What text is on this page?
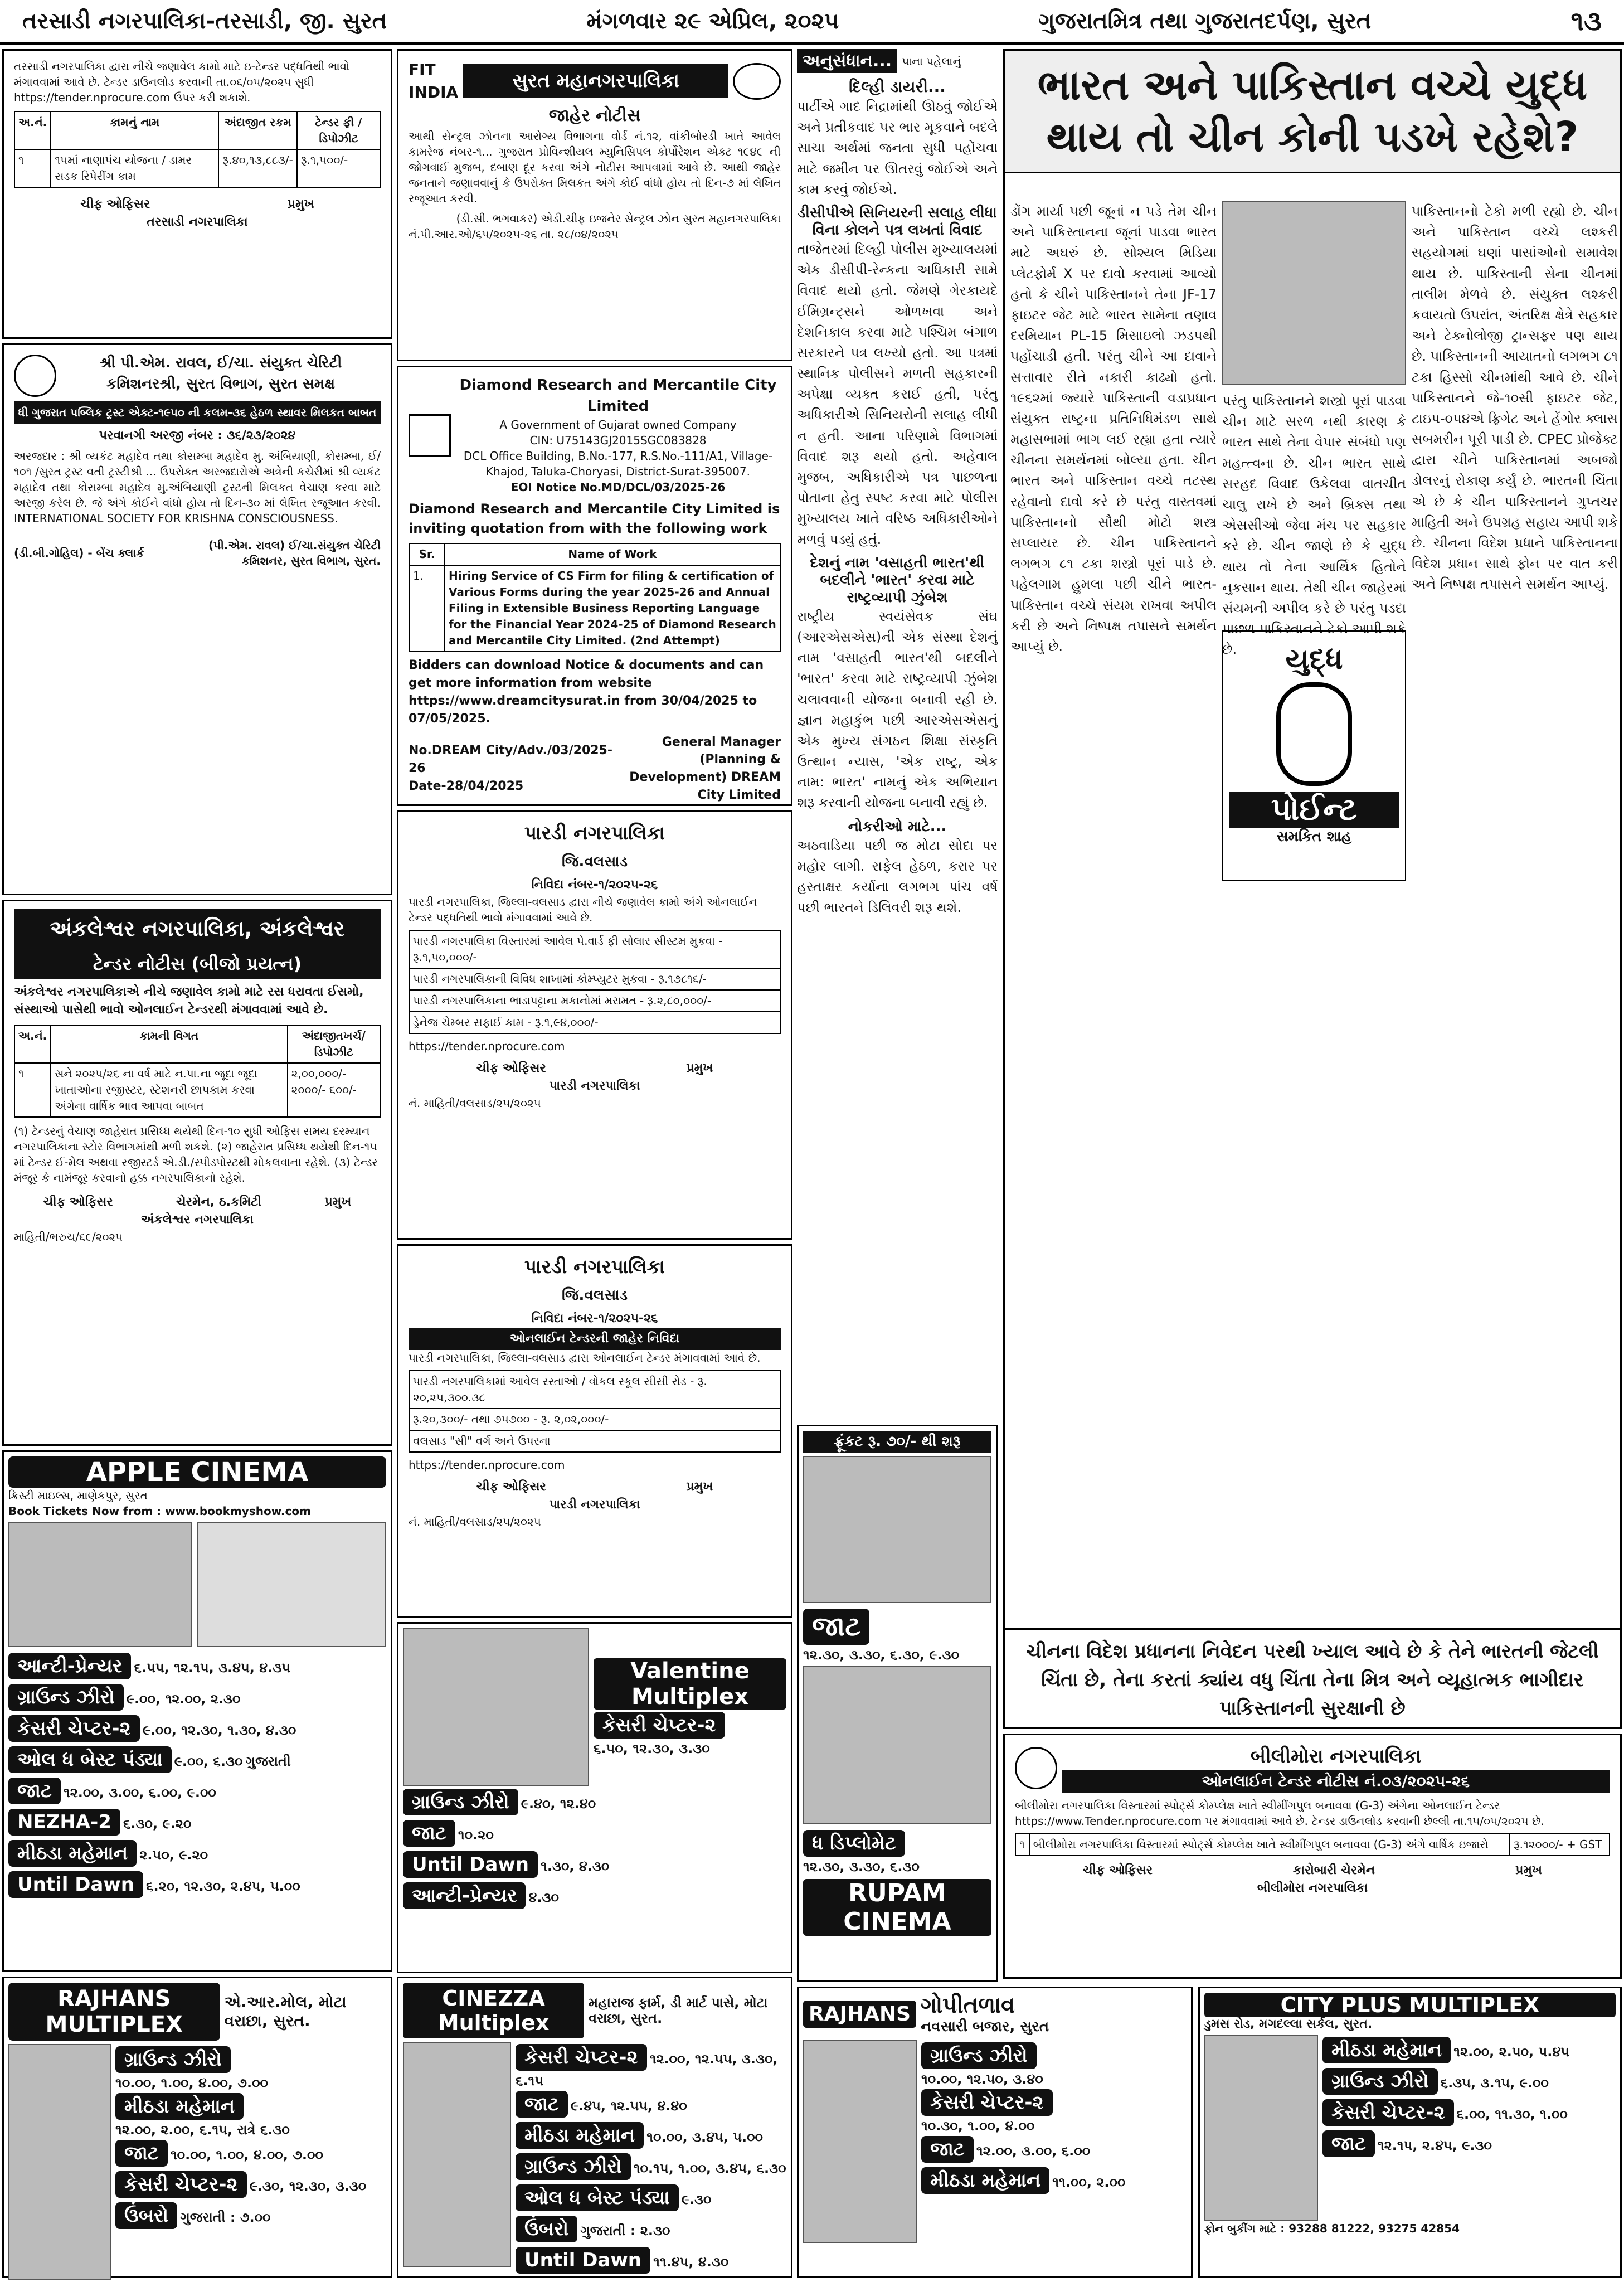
તરસાડી નગરપાલિકા-તરસાડી, જી. સુરત	મંગળવાર ૨૯ એપ્રિલ, ૨૦૨૫	ગુજરાતમિત્ર તથા ગુજરાતદર્પણ, સુરત	૧૩
તરસાડી નગરપાલિકા દ્વારા નીચે જણાવેલ કામો માટે ઇ-ટેન્ડર પદ્ધતિથી ભાવો મંગાવવામાં આવે છે. ટેન્ડર ડાઉનલોડ કરવાની તા.૦૬/૦૫/૨૦૨૫ સુધી https://tender.nprocure.com ઉપર કરી શકાશે.
અ.નં.	કામનું નામ	અંદાજીત રકમ	ટેન્ડર ફી / ડિપોઝીટ
૧	૧૫માં નાણાપંચ યોજના / ડામર સડક રિપેરીંગ કામ	રૂ.૪૦,૧૩,૮૮૩/-	રૂ.૧,૫૦૦/-
ચીફ ઓફિસર	પ્રમુખ
તરસાડી નગરપાલિકા
શ્રી પી.એમ. રાવલ, ઈ/ચા. સંયુક્ત ચેરિટી કમિશનરશ્રી, સુરત વિભાગ, સુરત સમક્ષ
ધી ગુજરાત પબ્લિક ટ્રસ્ટ એક્ટ-૧૯૫૦ ની કલમ-૩૬ હેઠળ સ્થાવર મિલકત બાબત
પરવાનગી અરજી નંબર : ૩૬/૨૩/૨૦૨૪
અરજદાર : શ્રી વ્યકંટ મહાદેવ તથા કોસમ્બા મહાદેવ મુ. અંબિયાણી, કોસમ્બા, ઈ/૧૦૧ /સુરત ટ્રસ્ટ વતી ટ્રસ્ટીશ્રી ... ઉપરોક્ત અરજદારોએ અત્રેની કચેરીમાં શ્રી વ્યકંટ મહાદેવ તથા કોસમ્બા મહાદેવ મુ.અંબિયાણી ટ્રસ્ટની મિલકત વેચાણ કરવા માટે અરજી કરેલ છે. જે અંગે કોઈને વાંધો હોય તો દિન-૩૦ માં લેખિત રજૂઆત કરવી. INTERNATIONAL SOCIETY FOR KRISHNA CONSCIOUSNESS.
(ડી.બી.ગોહિલ) - બેંચ ક્લાર્ક
(પી.એમ. રાવલ) ઈ/ચા.સંયુક્ત ચેરિટી કમિશનર, સુરત વિભાગ, સુરત.
અંકલેશ્વર નગરપાલિકા, અંકલેશ્વર
ટેન્ડર નોટીસ (બીજો પ્રયત્ન)
અંકલેશ્વર નગરપાલિકાએ નીચે જણાવેલ કામો માટે રસ ધરાવતા ઈસમો, સંસ્થાઓ પાસેથી ભાવો ઓનલાઈન ટેન્ડરથી મંગાવવામાં આવે છે.
અ.નં.	કામની વિગત	અંદાજીતખર્ચ/ ડિપોઝીટ
૧	સને ૨૦૨૫/૨૬ ના વર્ષ માટે ન.પા.ના જૂદા જૂદા ખાતાઓના રજીસ્ટર, સ્ટેશનરી છાપકામ કરવા અંગેના વાર્ષિક ભાવ આપવા બાબત	૨,૦૦,૦૦૦/- ૨૦૦૦/- ૬૦૦/-
(૧) ટેન્ડરનું વેચાણ જાહેરાત પ્રસિધ્ધ થયેથી દિન-૧૦ સુધી ઓફિસ સમય દરમ્યાન નગરપાલિકાના સ્ટોર વિભાગમાંથી મળી શકશે. (૨) જાહેરાત પ્રસિધ્ધ થયેથી દિન-૧૫ માં ટેન્ડર ઈ-મેલ અથવા રજીસ્ટર્ડ એ.ડી./સ્પીડપોસ્ટથી મોકલવાના રહેશે. (૩) ટેન્ડર મંજૂર કે નામંજૂર કરવાનો હક્ક નગરપાલિકાનો રહેશે.
ચીફ ઓફિસર	ચેરમેન, ઠ.કમિટી	પ્રમુખ
અંકલેશ્વર નગરપાલિકા
માહિતી/ભરુચ/૬૯/૨૦૨૫
APPLE CINEMA
ક્રિસ્ટી માઇલ્સ, માણેકપુર, સુરત
Book Tickets Now from : www.bookmyshow.com
આન્ટી-પ્રેન્યર ૬.૫૫, ૧૨.૧૫, ૩.૪૫, ૪.૩૫
ગ્રાઉન્ડ ઝીરો ૯.૦૦, ૧૨.૦૦, ૨.૩૦
કેસરી ચેપ્ટર-૨ ૯.૦૦, ૧૨.૩૦, ૧.૩૦, ૪.૩૦
ઓલ ધ બેસ્ટ પંડ્યા ૯.૦૦, ૬.૩૦ ગુજરાતી
જાટ ૧૨.૦૦, ૩.૦૦, ૬.૦૦, ૯.૦૦
NEZHA-2 ૬.૩૦, ૯.૨૦
મીઠડા મહેમાન ૨.૫૦, ૯.૨૦
Until Dawn ૬.૨૦, ૧૨.૩૦, ૨.૪૫, ૫.૦૦
RAJHANS MULTIPLEX
એ.આર.મોલ, મોટા વરાછા, સુરત.
ગ્રાઉન્ડ ઝીરો
૧૦.૦૦, ૧.૦૦, ૪.૦૦, ૭.૦૦
મીઠડા મહેમાન
૧૨.૦૦, ૨.૦૦, ૬.૧૫, રાત્રે ૬.૩૦
જાટ ૧૦.૦૦, ૧.૦૦, ૪.૦૦, ૭.૦૦
કેસરી ચેપ્ટર-૨ ૯.૩૦, ૧૨.૩૦, ૩.૩૦
ઉંબરો ગુજરાતી : ૭.૦૦
FIT INDIA
સુરત મહાનગરપાલિકા
જાહેર નોટીસ
આથી સેન્ટ્રલ ઝોનના આરોગ્ય વિભાગના વોર્ડ નં.૧૨, વાંકીબોરડી ખાતે આવેલ કામરેજ નંબર-૧... ગુજરાત પ્રોવિન્શીયલ મ્યુનિસિપલ કોર્પોરેશન એક્ટ ૧૯૪૯ ની જોગવાઈ મુજબ, દબાણ દૂર કરવા અંગે નોટીસ આપવામાં આવે છે. આથી જાહેર જનતાને જણાવવાનું કે ઉપરોક્ત મિલકત અંગે કોઈ વાંધો હોય તો દિન-૭ માં લેખિત રજૂઆત કરવી.
(ડી.સી. ભગવાકર) એડી.ચીફ ઇજનેર સેન્ટ્રલ ઝોન સુરત મહાનગરપાલિકા
નં.પી.આર.ઓ/૬૫/૨૦૨૫-૨૬ તા. ૨૮/૦૪/૨૦૨૫
Diamond Research and Mercantile City Limited
A Government of Gujarat owned Company
CIN: U75143GJ2015SGC083828
DCL Office Building, B.No.-177, R.S.No.-111/A1, Village-Khajod, Taluka-Choryasi, District-Surat-395007.
EOI Notice No.MD/DCL/03/2025-26
Diamond Research and Mercantile City Limited is inviting quotation from with the following work
Sr.	Name of Work
1.	Hiring Service of CS Firm for filing & certification of Various Forms during the year 2025-26 and Annual Filing in Extensible Business Reporting Language for the Financial Year 2024-25 of Diamond Research and Mercantile City Limited. (2nd Attempt)
Bidders can download Notice & documents and can get more information from website https://www.dreamcitysurat.in from 30/04/2025 to 07/05/2025.
No.DREAM City/Adv./03/2025-26
Date-28/04/2025
General Manager (Planning & Development) DREAM City Limited
પારડી નગરપાલિકા
જિ.વલસાડ
નિવિદા નંબર-૧/૨૦૨૫-૨૬
પારડી નગરપાલિકા, જિલ્લા-વલસાડ દ્વારા નીચે જણાવેલ કામો અંગે ઓનલાઈન ટેન્ડર પદ્ધતિથી ભાવો મંગાવવામાં આવે છે.
પારડી નગરપાલિકા વિસ્તારમાં આવેલ પે.વાર્ડ ફી સોલાર સીસ્ટમ મુકવા - રૂ.૧,૫૦,૦૦૦/-
પારડી નગરપાલિકાની વિવિધ શાખામાં કોમ્પ્યુટર મુકવા - રૂ.૧૭૮૧૬/-
પારડી નગરપાલિકાના ભાડાપટ્ટાના મકાનોમાં મરામત - રૂ.૨,૮૦,૦૦૦/-
ડ્રેનેજ ચેમ્બર સફાઈ કામ - રૂ.૧,૯૪,૦૦૦/-
https://tender.nprocure.com
ચીફ ઓફિસર	પ્રમુખ
પારડી નગરપાલિકા
નં. માહિતી/વલસાડ/૨૫/૨૦૨૫
પારડી નગરપાલિકા
જિ.વલસાડ
નિવિદા નંબર-૧/૨૦૨૫-૨૬
ઓનલાઈન ટેન્ડરની જાહેર નિવિદા
પારડી નગરપાલિકા, જિલ્લા-વલસાડ દ્વારા ઓનલાઈન ટેન્ડર મંગાવવામાં આવે છે.
પારડી નગરપાલિકામાં આવેલ રસ્તાઓ / વોકલ સ્કૂલ સીસી રોડ - રૂ. ૨૦,૨૫,૩૦૦.૩૮
રૂ.૨૦,૩૦૦/- તથા ૭૫૭૦૦ - રૂ. ૨,૦૨,૦૦૦/-
વલસાડ "સી" વર્ગ અને ઉપરના
https://tender.nprocure.com
ચીફ ઓફિસર	પ્રમુખ
પારડી નગરપાલિકા
નં. માહિતી/વલસાડ/૨૫/૨૦૨૫
Valentine Multiplex
કેસરી ચેપ્ટર-૨
૬.૫૦, ૧૨.૩૦, ૩.૩૦
ગ્રાઉન્ડ ઝીરો ૯.૪૦, ૧૨.૪૦
જાટ ૧૦.૨૦
Until Dawn ૧.૩૦, ૪.૩૦
આન્ટી-પ્રેન્યર ૪.૩૦
CINEZZA Multiplex
મહારાજ ફાર્મ, ડી માર્ટ પાસે, મોટા વરાછા, સુરત.
કેસરી ચેપ્ટર-૨ ૧૨.૦૦, ૧૨.૫૫, ૩.૩૦, ૬.૧૫
જાટ ૯.૪૫, ૧૨.૫૫, ૪.૪૦
મીઠડા મહેમાન ૧૦.૦૦, ૩.૪૫, ૫.૦૦
ગ્રાઉન્ડ ઝીરો ૧૦.૧૫, ૧.૦૦, ૩.૪૫, ૬.૩૦
ઓલ ધ બેસ્ટ પંડ્યા ૯.૩૦
ઉંબરો ગુજરાતી : ૨.૩૦
Until Dawn ૧૧.૪૫, ૪.૩૦
અનુસંધાન... પાના પહેલાનું
દિલ્હી ડાયરી...
પાર્ટીએ ગાદ નિદ્રામાંથી ઊઠવું જોઈએ અને પ્રતીકવાદ પર ભાર મૂકવાને બદલે સાચા અર્થમાં જનતા સુધી પહોંચવા માટે જમીન પર ઊતરવું જોઈએ અને કામ કરવું જોઈએ.
ડીસીપીએ સિનિયરની સલાહ લીધા વિના કોલને પત્ર લખતાં વિવાદ
તાજેતરમાં દિલ્હી પોલીસ મુખ્યાલયમાં એક ડીસીપી-રેન્કના અધિકારી સામે વિવાદ થયો હતો. જેમણે ગેરકાયદે ઈમિગ્રન્ટ્સને ઓળખવા અને દેશનિકાલ કરવા માટે પશ્ચિમ બંગાળ સરકારને પત્ર લખ્યો હતો. આ પત્રમાં સ્થાનિક પોલીસને મળતી સહકારની અપેક્ષા વ્યક્ત કરાઈ હતી, પરંતુ અધિકારીએ સિનિયરોની સલાહ લીધી ન હતી. આના પરિણામે વિભાગમાં વિવાદ શરૂ થયો હતો. અહેવાલ મુજબ, અધિકારીએ પત્ર પાછળના પોતાના હેતુ સ્પષ્ટ કરવા માટે પોલીસ મુખ્યાલય ખાતે વરિષ્ઠ અધિકારીઓને મળવું પડ્યું હતું.
દેશનું નામ 'વસાહતી ભારત'થી બદલીને 'ભારત' કરવા માટે રાષ્ટ્રવ્યાપી ઝુંબેશ
રાષ્ટ્રીય સ્વયંસેવક સંઘ (આરએસએસ)ની એક સંસ્થા દેશનું નામ 'વસાહતી ભારત'થી બદલીને 'ભારત' કરવા માટે રાષ્ટ્રવ્યાપી ઝુંબેશ ચલાવવાની યોજના બનાવી રહી છે. જ્ઞાન મહાકુંભ પછી આરએસએસનું એક મુખ્ય સંગઠન શિક્ષા સંસ્કૃતિ ઉત્થાન ન્યાસ, 'એક રાષ્ટ્ર, એક નામ: ભારત' નામનું એક અભિયાન શરૂ કરવાની યોજના બનાવી રહ્યું છે.
નોકરીઓ માટે...
અઠવાડિયા પછી જ મોટા સોદા પર મહોર લાગી. રાફેલ હેઠળ, કરાર પર હસ્તાક્ષર કર્યાના લગભગ પાંચ વર્ષ પછી ભારતને ડિલિવરી શરૂ થશે.
ફ્રૂંકટ રૂ. ૭૦/- થી શરૂ
જાટ
૧૨.૩૦, ૩.૩૦, ૬.૩૦, ૯.૩૦
ધ ડિપ્લોમેટ
૧૨.૩૦, ૩.૩૦, ૬.૩૦
RUPAM CINEMA
RAJHANS ગોપીતળાવ
નવસારી બજાર, સુરત
ગ્રાઉન્ડ ઝીરો
૧૦.૦૦, ૧૨.૫૦, ૩.૪૦
કેસરી ચેપ્ટર-૨
૧૦.૩૦, ૧.૦૦, ૪.૦૦
જાટ ૧૨.૦૦, ૩.૦૦, ૬.૦૦
મીઠડા મહેમાન ૧૧.૦૦, ૨.૦૦
ભારત અને પાકિસ્તાન વચ્ચે યુદ્ધ થાય તો ચીન કોની પડખે રહેશે?
ડોંગ માર્યા પછી જૂનાં ન પડે તેમ ચીન અને પાકિસ્તાનના જૂનાં પાડવા ભારત માટે અઘરું છે. સોશ્યલ મિડિયા પ્લેટફોર્મ X પર દાવો કરવામાં આવ્યો હતો કે ચીને પાકિસ્તાનને તેના JF-17 ફાઇટર જેટ માટે ભારત સામેના તણાવ દરમિયાન PL-15 મિસાઇલો ઝડપથી પહોંચાડી હતી. પરંતુ ચીને આ દાવાને સત્તાવાર રીતે નકારી કાઢ્યો હતો. ૧૯૬૨માં જ્યારે પાકિસ્તાની વડાપ્રધાન સંયુક્ત રાષ્ટ્રના પ્રતિનિધિમંડળ સાથે મહાસભામાં ભાગ લઈ રહ્યા હતા ત્યારે ચીનના સમર્થનમાં બોલ્યા હતા. ચીન ભારત અને પાકિસ્તાન વચ્ચે તટસ્થ રહેવાનો દાવો કરે છે પરંતુ વાસ્તવમાં પાકિસ્તાનનો સૌથી મોટો શસ્ત્ર સપ્લાયર છે. ચીન પાકિસ્તાનને લગભગ ૮૧ ટકા શસ્ત્રો પૂરાં પાડે છે. પહેલગામ હુમલા પછી ચીને ભારત-પાકિસ્તાન વચ્ચે સંયમ રાખવા અપીલ કરી છે અને નિષ્પક્ષ તપાસને સમર્થન આપ્યું છે.
પરંતુ પાકિસ્તાનને શસ્ત્રો પૂરાં પાડવા ચીન માટે સરળ નથી કારણ કે ભારત સાથે તેના વેપાર સંબંધો પણ મહત્ત્વના છે. ચીન ભારત સાથે સરહદ વિવાદ ઉકેલવા વાતચીત ચાલુ રાખે છે અને બ્રિક્સ તથા એસસીઓ જેવા મંચ પર સહકાર કરે છે. ચીન જાણે છે કે યુદ્ધ થાય તો તેના આર્થિક હિતોને નુકસાન થાય. તેથી ચીન જાહેરમાં સંયમની અપીલ કરે છે પરંતુ પડદા પાછળ પાકિસ્તાનને ટેકો આપી શકે છે.	યુદ્ધ
પોઈન્ટ
સમકિત શાહ
પાકિસ્તાનનો ટેકો મળી રહ્યો છે. ચીન અને પાકિસ્તાન વચ્ચે લશ્કરી સહયોગમાં ઘણાં પાસાંઓનો સમાવેશ થાય છે. પાકિસ્તાની સેના ચીનમાં તાલીમ મેળવે છે. સંયુક્ત લશ્કરી કવાયતો ઉપરાંત, અંતરિક્ષ ક્ષેત્રે સહકાર અને ટેક્નોલોજી ટ્રાન્સફર પણ થાય છે. પાકિસ્તાનની આયાતનો લગભગ ૮૧ ટકા હિસ્સો ચીનમાંથી આવે છે. ચીને પાકિસ્તાનને જે-૧૦સી ફાઇટર જેટ, ટાઇપ-૦૫૪એ ફ્રિગેટ અને હેંગોર ક્લાસ સબમરીન પૂરી પાડી છે. CPEC પ્રોજેક્ટ દ્વારા ચીને પાકિસ્તાનમાં અબજો ડોલરનું રોકાણ કર્યું છે. ભારતની ચિંતા એ છે કે ચીન પાકિસ્તાનને ગુપ્તચર માહિતી અને ઉપગ્રહ સહાય આપી શકે છે. ચીનના વિદેશ પ્રધાને પાકિસ્તાનના વિદેશ પ્રધાન સાથે ફોન પર વાત કરી અને નિષ્પક્ષ તપાસને સમર્થન આપ્યું.
ચીનના વિદેશ પ્રધાનના નિવેદન પરથી ખ્યાલ આવે છે કે તેને ભારતની જેટલી ચિંતા છે, તેના કરતાં ક્યાંય વધુ ચિંતા તેના મિત્ર અને વ્યૂહાત્મક ભાગીદાર પાકિસ્તાનની સુરક્ષાની છે
બીલીમોરા નગરપાલિકા
ઓનલાઈન ટેન્ડર નોટીસ નં.૦૩/૨૦૨૫-૨૬
બીલીમોરા નગરપાલિકા વિસ્તારમાં સ્પોર્ટ્સ કોમ્પ્લેક્ષ ખાતે સ્વીમીંગપુલ બનાવવા (G-3) અંગેના ઓનલાઈન ટેન્ડર https://www.Tender.nprocure.com પર મંગાવવામાં આવે છે. ટેન્ડર ડાઉનલોડ કરવાની છેલ્લી તા.૧૫/૦૫/૨૦૨૫ છે.
૧	બીલીમોરા નગરપાલિકા વિસ્તારમાં સ્પોર્ટ્સ કોમ્પ્લેક્ષ ખાતે સ્વીમીંગપુલ બનાવવા (G-3) અંગે વાર્ષિક ઇજારો	રૂ.૧૨૦૦૦/- + GST
ચીફ ઓફિસર	કારોબારી ચેરમેન	પ્રમુખ
બીલીમોરા નગરપાલિકા
CITY PLUS MULTIPLEX
ડુમસ રોડ, મગદલ્લા સર્કલ, સુરત.
મીઠડા મહેમાન ૧૨.૦૦, ૨.૫૦, ૫.૪૫
ગ્રાઉન્ડ ઝીરો ૬.૩૫, ૩.૧૫, ૯.૦૦
કેસરી ચેપ્ટર-૨ ૬.૦૦, ૧૧.૩૦, ૧.૦૦
જાટ ૧૨.૧૫, ૨.૪૫, ૯.૩૦
ફોન બુકીંગ માટે : 93288 81222, 93275 42854
